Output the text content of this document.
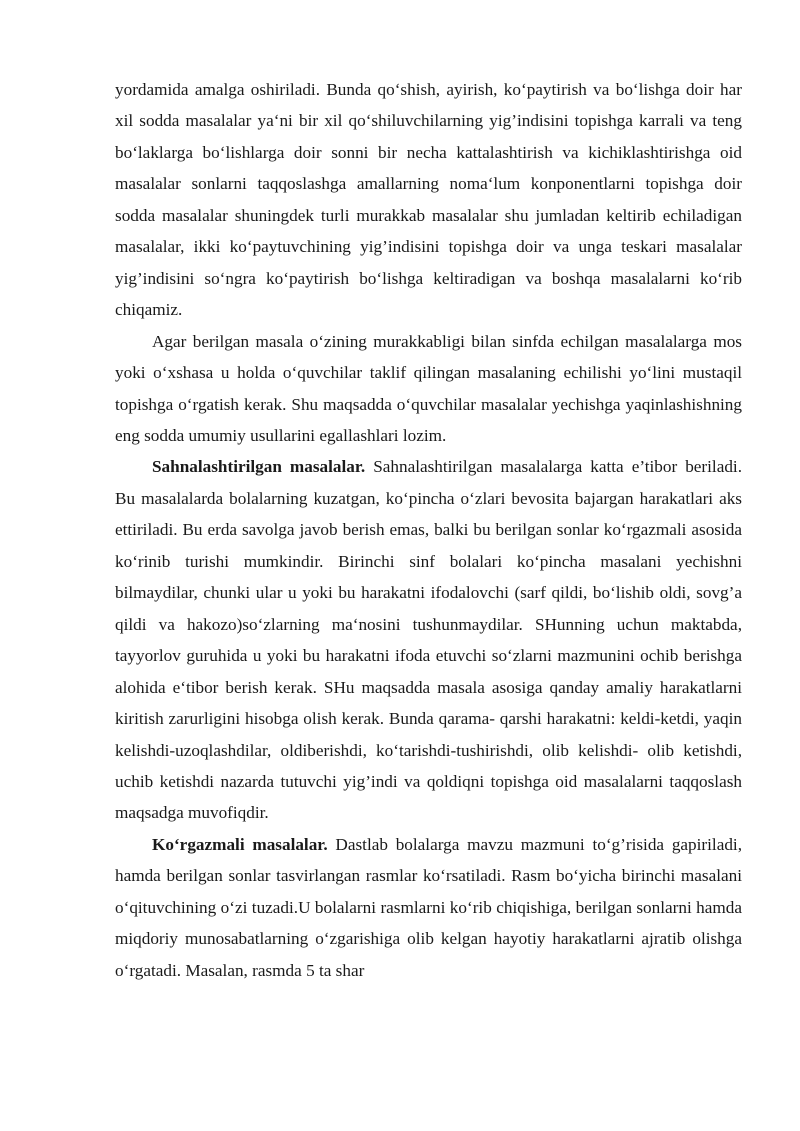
yordamida amalga oshiriladi. Bunda qo‘shish, ayirish, ko‘paytirish va bo‘lishga doir har xil sodda masalalar ya‘ni bir xil qo‘shiluvchilarning yig’indisini topishga karrali va teng bo‘laklarga bo‘lishlarga doir sonni bir necha kattalashtirish va kichiklashtirishga oid masalalar sonlarni taqqoslashga amallarning noma‘lum konponentlarni topishga doir sodda masalalar shuningdek turli murakkab masalalar shu jumladan keltirib echiladigan masalalar, ikki ko‘paytuvchining yig’indisini topishga doir va unga teskari masalalar yig’indisini so‘ngra ko‘paytirish bo‘lishga keltiradigan va boshqa masalalarni ko‘rib chiqamiz.

Agar berilgan masala o‘zining murakkabligi bilan sinfda echilgan masalalarga mos yoki o‘xshasa u holda o‘quvchilar taklif qilingan masalaning echilishi yo‘lini mustaqil topishga o‘rgatish kerak. Shu maqsadda o‘quvchilar masalalar yechishga yaqinlashishning eng sodda umumiy usullarini egallashlari lozim.

Sahnalashtirilgan masalalar. Sahnalashtirilgan masalalarga katta e’tibor beriladi. Bu masalalarda bolalarning kuzatgan, ko‘pincha o‘zlari bevosita bajargan harakatlari aks ettiriladi. Bu erda savolga javob berish emas, balki bu berilgan sonlar ko‘rgazmali asosida ko‘rinib turishi mumkindir. Birinchi sinf bolalari ko‘pincha masalani yechishni bilmaydilar, chunki ular u yoki bu harakatni ifodalovchi (sarf qildi, bo‘lishib oldi, sovg’a qildi va hakozo)so‘zlarning ma‘nosini tushunmaydilar. SHunning uchun maktabda, tayyorlov guruhida u yoki bu harakatni ifoda etuvchi so‘zlarni mazmunini ochib berishga alohida e‘tibor berish kerak. SHu maqsadda masala asosiga qanday amaliy harakatlarni kiritish zarurligini hisobga olish kerak. Bunda qarama- qarshi harakatni: keldi-ketdi, yaqin kelishdi-uzoqlashdilar, oldiberishdi, ko‘tarishdi-tushirishdi, olib kelishdi- olib ketishdi, uchib ketishdi nazarda tutuvchi yig’indi va qoldiqni topishga oid masalalarni taqqoslash maqsadga muvofiqdir.

Ko‘rgazmali masalalar. Dastlab bolalarga mavzu mazmuni to‘g’risida gapiriladi, hamda berilgan sonlar tasvirlangan rasmlar ko‘rsatiladi. Rasm bo‘yicha birinchi masalani o‘qituvchining o‘zi tuzadi.U bolalarni rasmlarni ko‘rib chiqishiga, berilgan sonlarni hamda miqdoriy munosabatlarning o‘zgarishiga olib kelgan hayotiy harakatlarni ajratib olishga o‘rgatadi. Masalan, rasmda 5 ta shar
